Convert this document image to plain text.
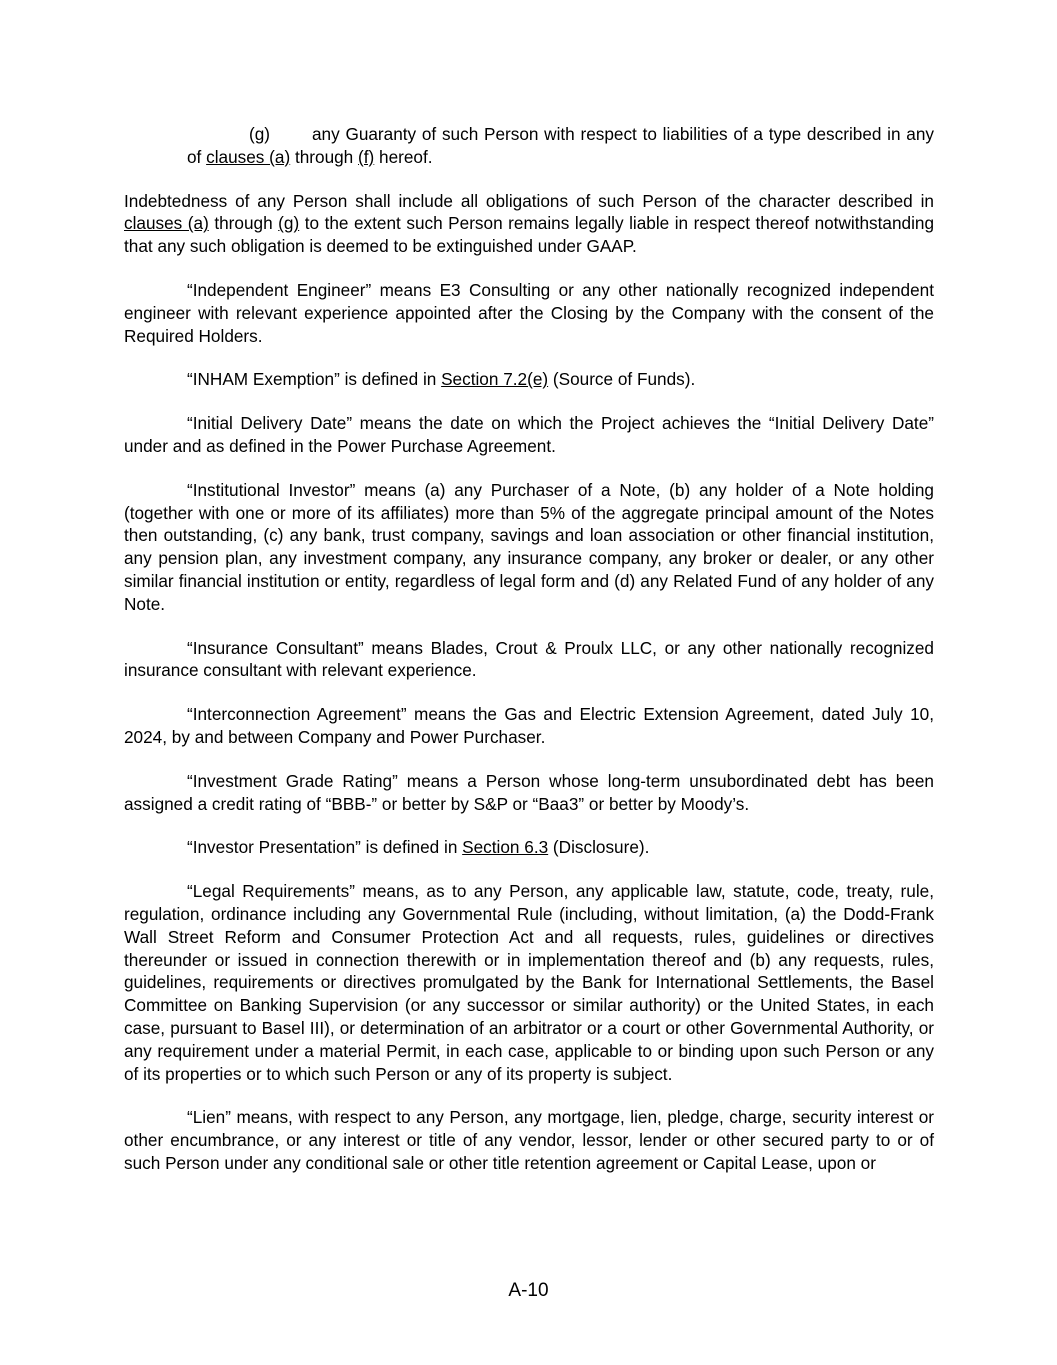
(g) any Guaranty of such Person with respect to liabilities of a type described in any of clauses (a) through (f) hereof.

Indebtedness of any Person shall include all obligations of such Person of the character described in clauses (a) through (g) to the extent such Person remains legally liable in respect thereof notwithstanding that any such obligation is deemed to be extinguished under GAAP.

“Independent Engineer” means E3 Consulting or any other nationally recognized independent engineer with relevant experience appointed after the Closing by the Company with the consent of the Required Holders.

“INHAM Exemption” is defined in Section 7.2(e) (Source of Funds).

“Initial Delivery Date” means the date on which the Project achieves the “Initial Delivery Date” under and as defined in the Power Purchase Agreement.

“Institutional Investor” means (a) any Purchaser of a Note, (b) any holder of a Note holding (together with one or more of its affiliates) more than 5% of the aggregate principal amount of the Notes then outstanding, (c) any bank, trust company, savings and loan association or other financial institution, any pension plan, any investment company, any insurance company, any broker or dealer, or any other similar financial institution or entity, regardless of legal form and (d) any Related Fund of any holder of any Note.

“Insurance Consultant” means Blades, Crout & Proulx LLC, or any other nationally recognized insurance consultant with relevant experience.

“Interconnection Agreement” means the Gas and Electric Extension Agreement, dated July 10, 2024, by and between Company and Power Purchaser.

“Investment Grade Rating” means a Person whose long-term unsubordinated debt has been assigned a credit rating of “BBB-” or better by S&P or “Baa3” or better by Moody’s.

“Investor Presentation” is defined in Section 6.3 (Disclosure).

“Legal Requirements” means, as to any Person, any applicable law, statute, code, treaty, rule, regulation, ordinance including any Governmental Rule (including, without limitation, (a) the Dodd-Frank Wall Street Reform and Consumer Protection Act and all requests, rules, guidelines or directives thereunder or issued in connection therewith or in implementation thereof and (b) any requests, rules, guidelines, requirements or directives promulgated by the Bank for International Settlements, the Basel Committee on Banking Supervision (or any successor or similar authority) or the United States, in each case, pursuant to Basel III), or determination of an arbitrator or a court or other Governmental Authority, or any requirement under a material Permit, in each case, applicable to or binding upon such Person or any of its properties or to which such Person or any of its property is subject.

“Lien” means, with respect to any Person, any mortgage, lien, pledge, charge, security interest or other encumbrance, or any interest or title of any vendor, lessor, lender or other secured party to or of such Person under any conditional sale or other title retention agreement or Capital Lease, upon or

A-10
